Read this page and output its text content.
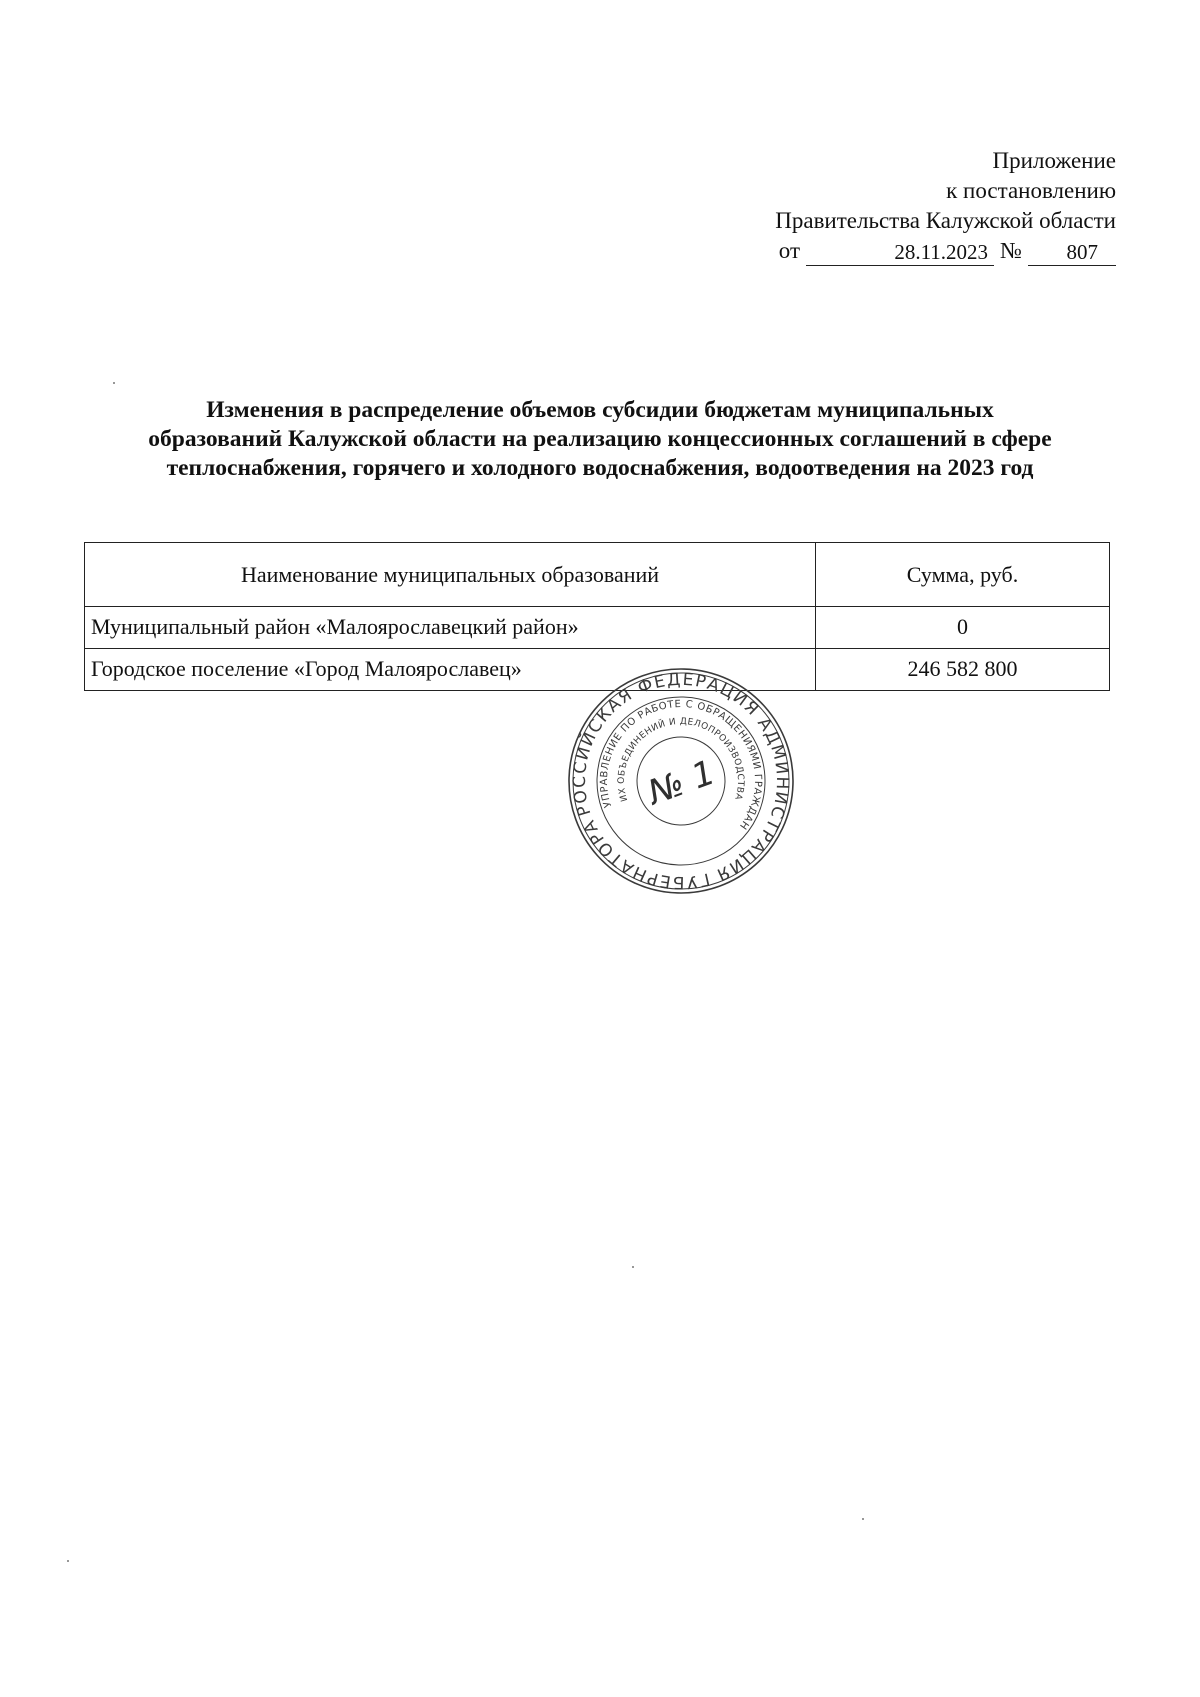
Приложение
к постановлению
Правительства Калужской области
от	28.11.2023 №	807
Изменения в распределение объемов субсидии бюджетам муниципальных
образований Калужской области на реализацию концессионных соглашений в сфере
теплоснабжения, горячего и холодного водоснабжения, водоотведения на 2023 год
Наименование муниципальных образований	Сумма, руб.
Муниципальный район «Малоярославецкий район»	0
Городское поселение «Город Малоярославец»	246 582 800
РОССИЙСКАЯ ФЕДЕРАЦИЯ АДМИНИСТРАЦИЯ ГУБЕРНАТОРА
УПРАВЛЕНИЕ ПО РАБОТЕ С ОБРАЩЕНИЯМИ ГРАЖДАН
ИХ ОБЪЕДИНЕНИЙ И ДЕЛОПРОИЗВОДСТВА
№ 1
